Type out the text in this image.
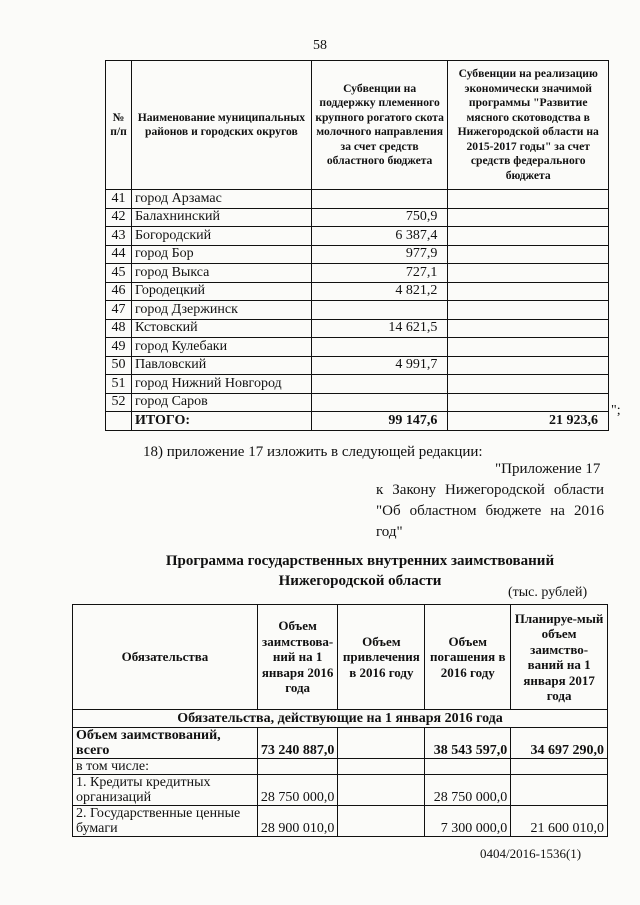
58
№ п/п	Наименование муниципальных районов и городских округов	Субвенции на поддержку племенного крупного рогатого скота молочного направления за счет средств областного бюджета	Субвенции на реализацию экономически значимой программы "Развитие мясного скотоводства в Нижегородской области на 2015-2017 годы" за счет средств федерального бюджета
41	город Арзамас		
42	Балахнинский	750,9	
43	Богородский	6 387,4	
44	город Бор	977,9	
45	город Выкса	727,1	
46	Городецкий	4 821,2	
47	город Дзержинск		
48	Кстовский	14 621,5	
49	город Кулебаки		
50	Павловский	4 991,7	
51	город Нижний Новгород		
52	город Саров		
	ИТОГО:	99 147,6	21 923,6
";
18) приложение 17 изложить в следующей редакции:
"Приложение 17
к Закону Нижегородской области "Об областном бюджете на 2016 год"
Программа государственных внутренних заимствований
Нижегородской области
(тыс. рублей)
Обязательства	Объем заимствова-ний на 1 января 2016 года	Объем привлечения в 2016 году	Объем погашения в 2016 году	Планируе-мый объем заимство-ваний на 1 января 2017 года
Обязательства, действующие на 1 января 2016 года				
Объем заимствований, всего	73 240 887,0		38 543 597,0	34 697 290,0
в том числе:				
1. Кредиты кредитных организаций	28 750 000,0		28 750 000,0	
2. Государственные ценные бумаги	28 900 010,0		7 300 000,0	21 600 010,0
0404/2016-1536(1)
